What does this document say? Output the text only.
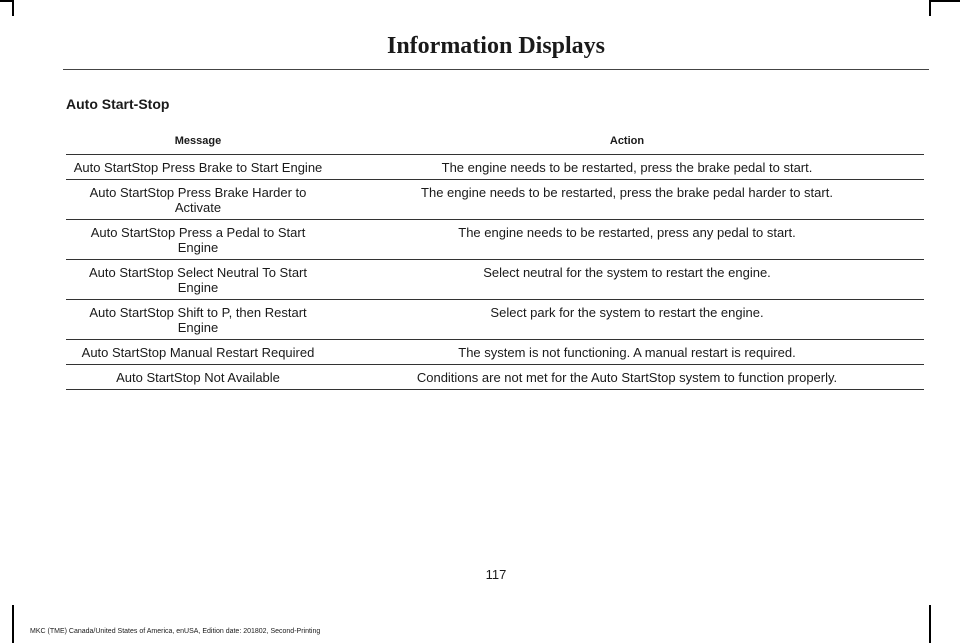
Information Displays
Auto Start-Stop
Message	Action
Auto StartStop Press Brake to Start Engine	The engine needs to be restarted, press the brake pedal to start.
Auto StartStop Press Brake Harder to Activate	The engine needs to be restarted, press the brake pedal harder to start.
Auto StartStop Press a Pedal to Start Engine	The engine needs to be restarted, press any pedal to start.
Auto StartStop Select Neutral To Start Engine	Select neutral for the system to restart the engine.
Auto StartStop Shift to P, then Restart Engine	Select park for the system to restart the engine.
Auto StartStop Manual Restart Required	The system is not functioning. A manual restart is required.
Auto StartStop Not Available	Conditions are not met for the Auto StartStop system to function properly.

117

MKC (TME) Canada/United States of America, enUSA, Edition date: 201802, Second-Printing
